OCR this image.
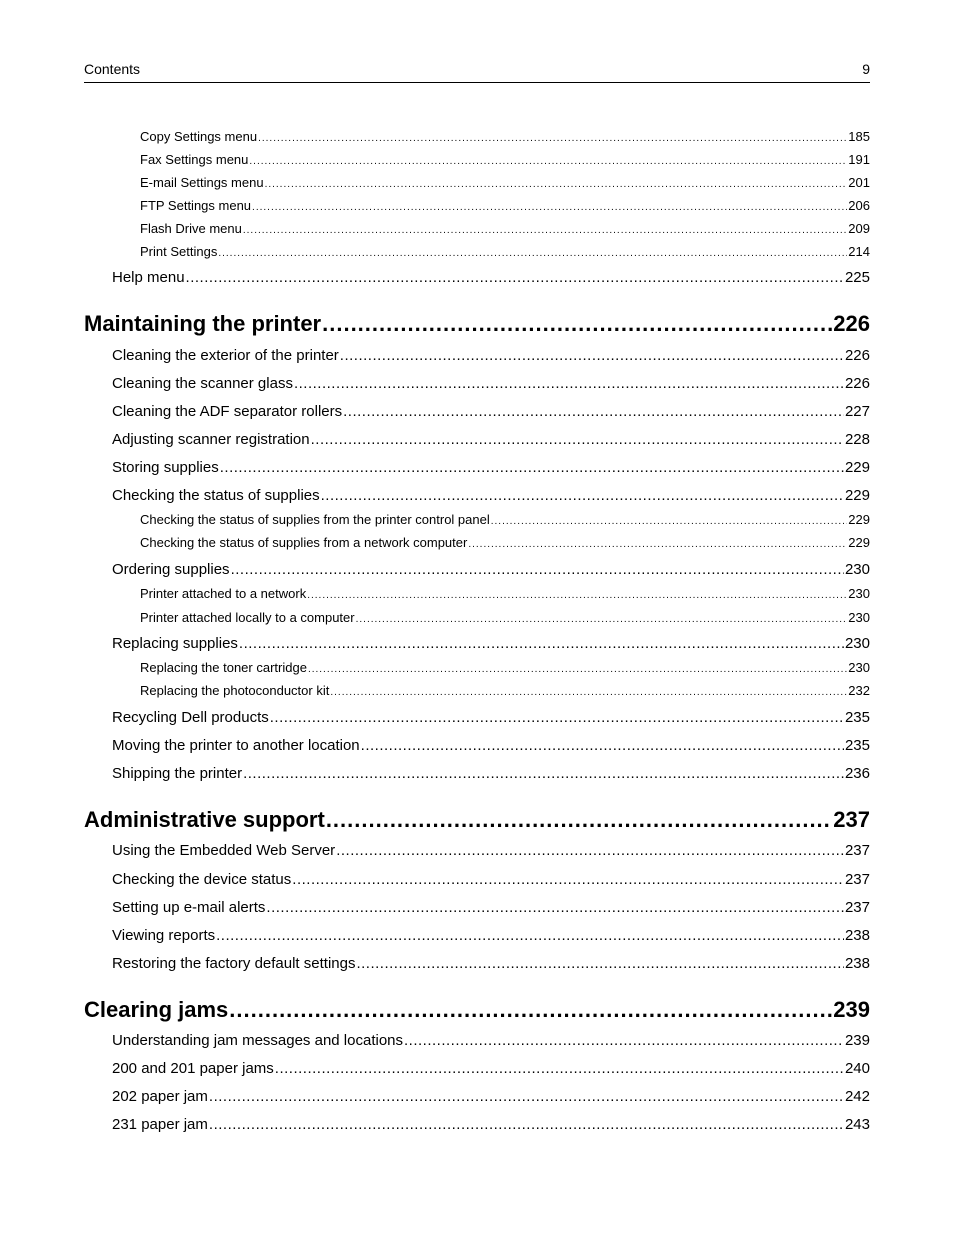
Contents	9
Copy Settings menu .....	185
Fax Settings menu .....	191
E-mail Settings menu .....	201
FTP Settings menu .....	206
Flash Drive menu .....	209
Print Settings .....	214
Help menu .....	225
Maintaining the printer .....	226
Cleaning the exterior of the printer .....	226
Cleaning the scanner glass .....	226
Cleaning the ADF separator rollers .....	227
Adjusting scanner registration .....	228
Storing supplies .....	229
Checking the status of supplies .....	229
Checking the status of supplies from the printer control panel .....	229
Checking the status of supplies from a network computer .....	229
Ordering supplies .....	230
Printer attached to a network .....	230
Printer attached locally to a computer .....	230
Replacing supplies .....	230
Replacing the toner cartridge .....	230
Replacing the photoconductor kit .....	232
Recycling Dell products .....	235
Moving the printer to another location .....	235
Shipping the printer .....	236
Administrative support .....	237
Using the Embedded Web Server .....	237
Checking the device status .....	237
Setting up e-mail alerts .....	237
Viewing reports .....	238
Restoring the factory default settings .....	238
Clearing jams .....	239
Understanding jam messages and locations .....	239
200 and 201 paper jams .....	240
202 paper jam .....	242
231 paper jam .....	243
